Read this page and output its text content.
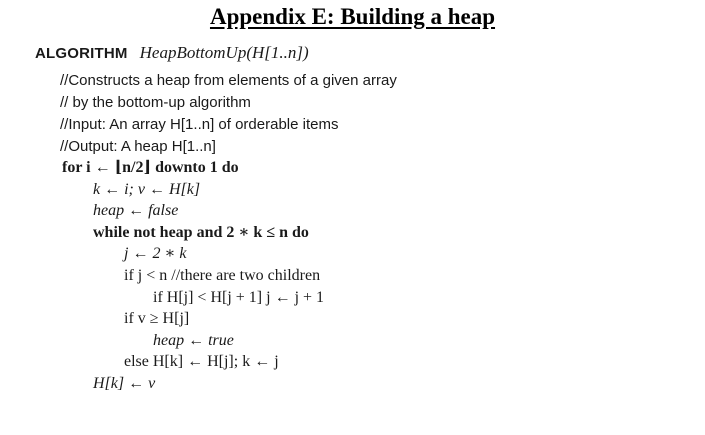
Appendix E: Building a heap
ALGORITHM HeapBottomUp(H[1..n])
//Constructs a heap from elements of a given array
// by the bottom-up algorithm
//Input: An array H[1..n] of orderable items
//Output: A heap H[1..n]
for i ← ⌊n/2⌋ downto 1 do
k ← i; v ← H[k]
heap ← false
while not heap and 2 ∗ k ≤ n do
j ← 2 ∗ k
if j < n //there are two children
if H[j] < H[j + 1] j ← j + 1
if v ≥ H[j]
heap ← true
else H[k] ← H[j]; k ← j
H[k] ← v
